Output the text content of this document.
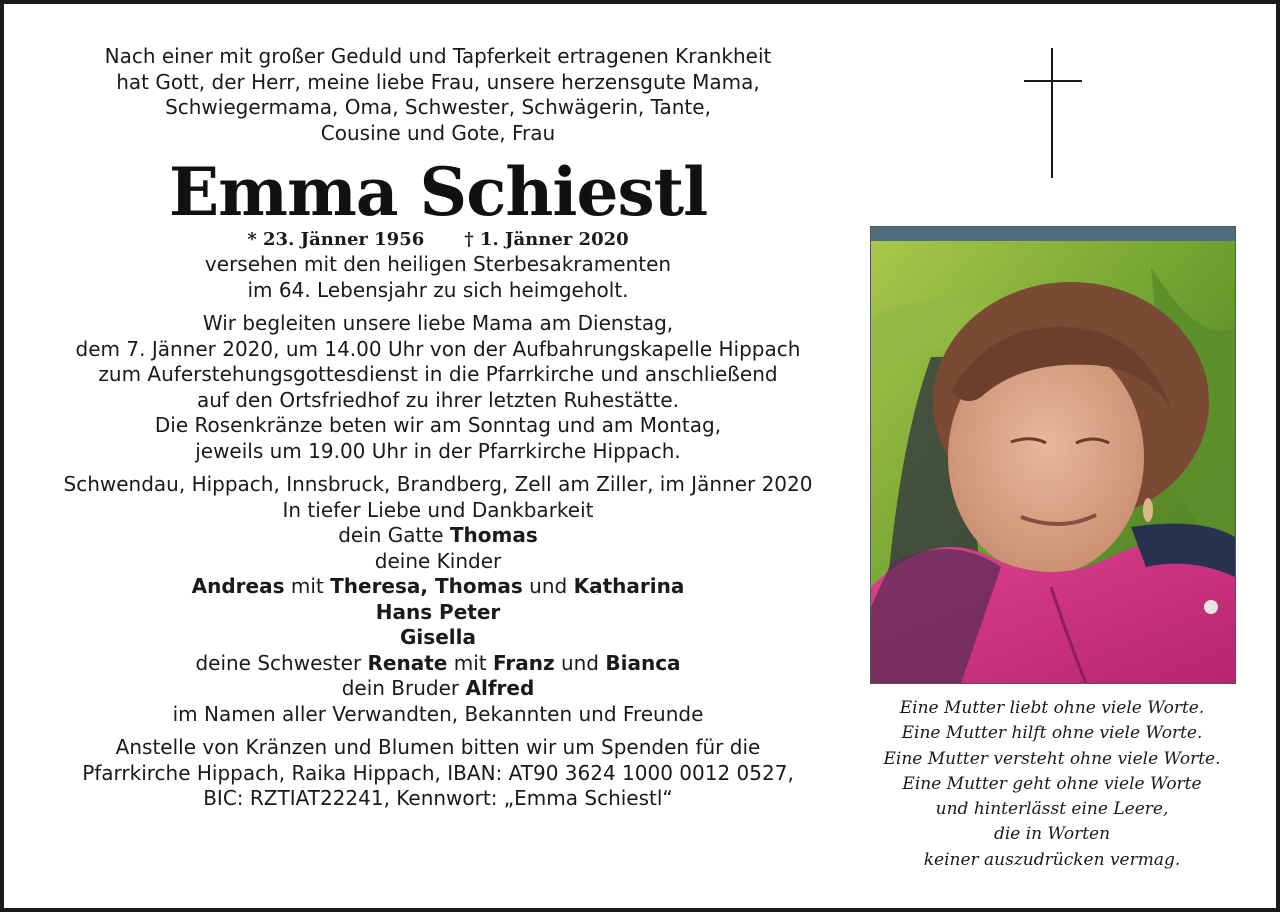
Nach einer mit großer Geduld und Tapferkeit ertragenen Krankheit

hat Gott, der Herr, meine liebe Frau, unsere herzensgute Mama,

Schwiegermama, Oma, Schwester, Schwägerin, Tante,

Cousine und Gote, Frau

Emma Schiestl

* 23. Jänner 1956 † 1. Jänner 2020

versehen mit den heiligen Sterbesakramenten

im 64. Lebensjahr zu sich heimgeholt.

Wir begleiten unsere liebe Mama am Dienstag,

dem 7. Jänner 2020, um 14.00 Uhr von der Aufbahrungskapelle Hippach

zum Auferstehungsgottesdienst in die Pfarrkirche und anschließend

auf den Ortsfriedhof zu ihrer letzten Ruhestätte.

Die Rosenkränze beten wir am Sonntag und am Montag,

jeweils um 19.00 Uhr in der Pfarrkirche Hippach.

Schwendau, Hippach, Innsbruck, Brandberg, Zell am Ziller, im Jänner 2020

In tiefer Liebe und Dankbarkeit

dein Gatte Thomas

deine Kinder

Andreas mit Theresa, Thomas und Katharina

Hans Peter

Gisella

deine Schwester Renate mit Franz und Bianca

dein Bruder Alfred

im Namen aller Verwandten, Bekannten und Freunde

Anstelle von Kränzen und Blumen bitten wir um Spenden für die

Pfarrkirche Hippach, Raika Hippach, IBAN: AT90 3624 1000 0012 0527,

BIC: RZTIAT22241, Kennwort: „Emma Schiestl“

Eine Mutter liebt ohne viele Worte.
Eine Mutter hilft ohne viele Worte.
Eine Mutter versteht ohne viele Worte.
Eine Mutter geht ohne viele Worte
und hinterlässt eine Leere,
die in Worten
keiner auszudrücken vermag.
